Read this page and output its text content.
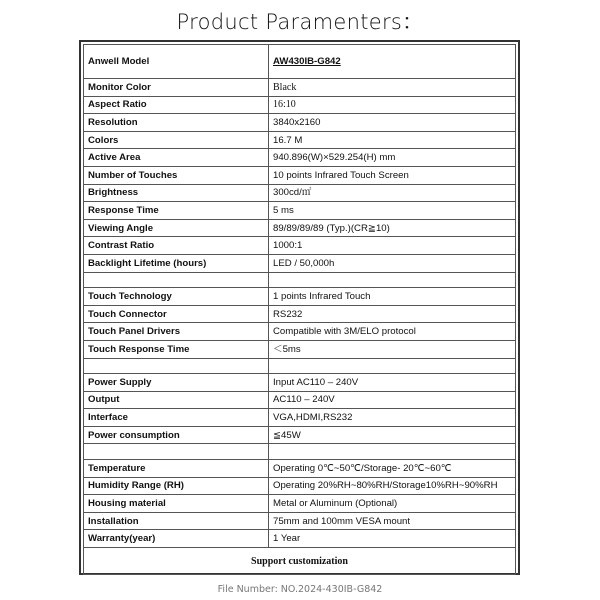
Product Paramenters：
Anwell Model	AW430IB-G842
Monitor Color	Black
Aspect Ratio	16:10
Resolution	3840x2160
Colors	16.7 M
Active Area	940.896(W)×529.254(H) mm
Number of Touches	10 points Infrared Touch Screen
Brightness	300cd/㎡
Response Time	5 ms
Viewing Angle	89/89/89/89 (Typ.)(CR≧10)
Contrast Ratio	1000:1
Backlight Lifetime (hours)	LED / 50,000h

Touch Technology	1 points Infrared Touch
Touch Connector	RS232
Touch Panel Drivers	Compatible with 3M/ELO protocol
Touch Response Time	＜5ms

Power Supply	Input AC110 – 240V
Output	AC110 – 240V
Interface	VGA,HDMI,RS232
Power consumption	≦45W

Temperature	Operating 0℃~50℃/Storage- 20℃~60℃
Humidity Range (RH)	Operating 20%RH~80%RH/Storage10%RH~90%RH
Housing material	Metal or Aluminum (Optional)
Installation	75mm and 100mm VESA mount
Warranty(year)	1 Year
Support customization	
File Number: NO.2024-430IB-G842
